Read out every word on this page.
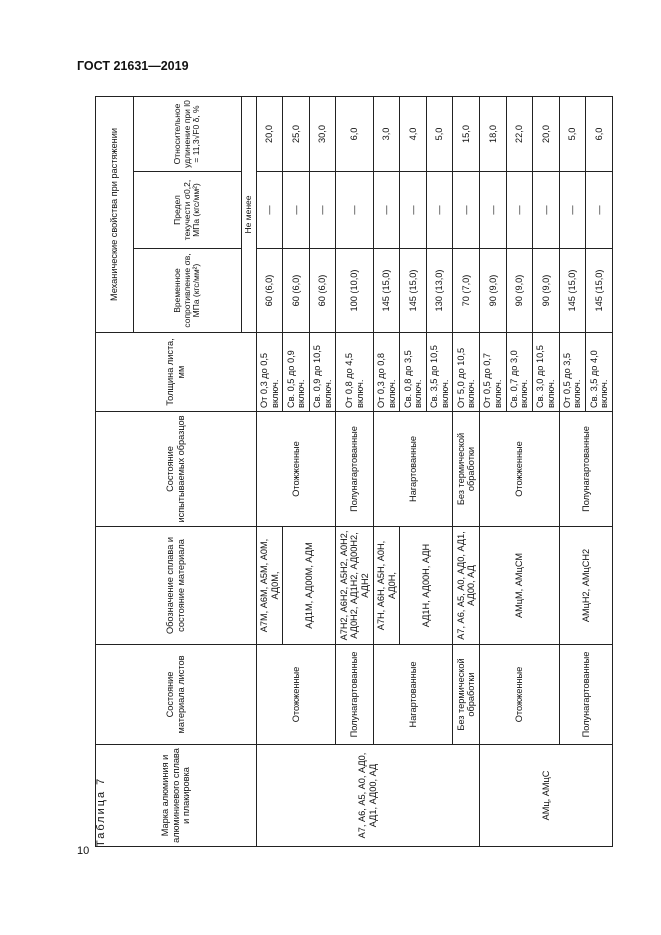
ГОСТ 21631—2019
Таблица 7	Марка алюминия и алюминиевого сплава и плакировка	Состояние материала листов	Обозначение сплава и состояние материала	Состояние испытываемых образцов	Толщина листа, мм	Механические свойства при растяжении		
					Временное сопротивление σв, МПа (кгс/мм²)	Предел текучести σ0,2, МПа (кгс/мм²)	Относительное удлинение при l0 = 11,3√F0 δ, %
					Не менее		
А7, А6, А5, А0, АД0, АД1, АД00, АД	Отожженные	А7М, А6М, А5М, А0М, АД0М,	Отожженные	От 0,3 до 0,5 включ.	60 (6,0)	—	20,0
		АД1М, АД00М, АДМ		Св. 0,5 до 0,9 включ.	60 (6,0)	—	25,0
				Св. 0,9 до 10,5 включ.	60 (6,0)	—	30,0
	Полунагартованные	А7Н2, А6Н2, А5Н2, А0Н2, АД0Н2, АД1Н2, АД00Н2, АДН2	Полунагартованные	От 0,8 до 4,5 включ.	100 (10,0)	—	6,0
	Нагартованные	А7Н, А6Н, А5Н, А0Н, АД0Н,	Нагартованные	От 0,3 до 0,8 включ.	145 (15,0)	—	3,0
		АД1Н, АД00Н, АДН		Св. 0,8 до 3,5 включ.	145 (15,0)	—	4,0
				Св. 3,5 до 10,5 включ.	130 (13,0)	—	5,0
	Без термической обработки	А7, А6, А5, А0, АД0, АД1, АД00, АД	Без термической обработки	От 5,0 до 10,5 включ.	70 (7,0)	—	15,0
АМц, АМцС	Отожженные	АМцМ, АМцСМ	Отожженные	От 0,5 до 0,7 включ.	90 (9,0)	—	18,0
				Св. 0,7 до 3,0 включ.	90 (9,0)	—	22,0
				Св. 3,0 до 10,5 включ.	90 (9,0)	—	20,0
	Полунагартованные	АМцН2, АМцСН2	Полунагартованные	От 0,5 до 3,5 включ.	145 (15,0)	—	5,0
				Св. 3,5 до 4,0 включ.	145 (15,0)	—	6,0
10
